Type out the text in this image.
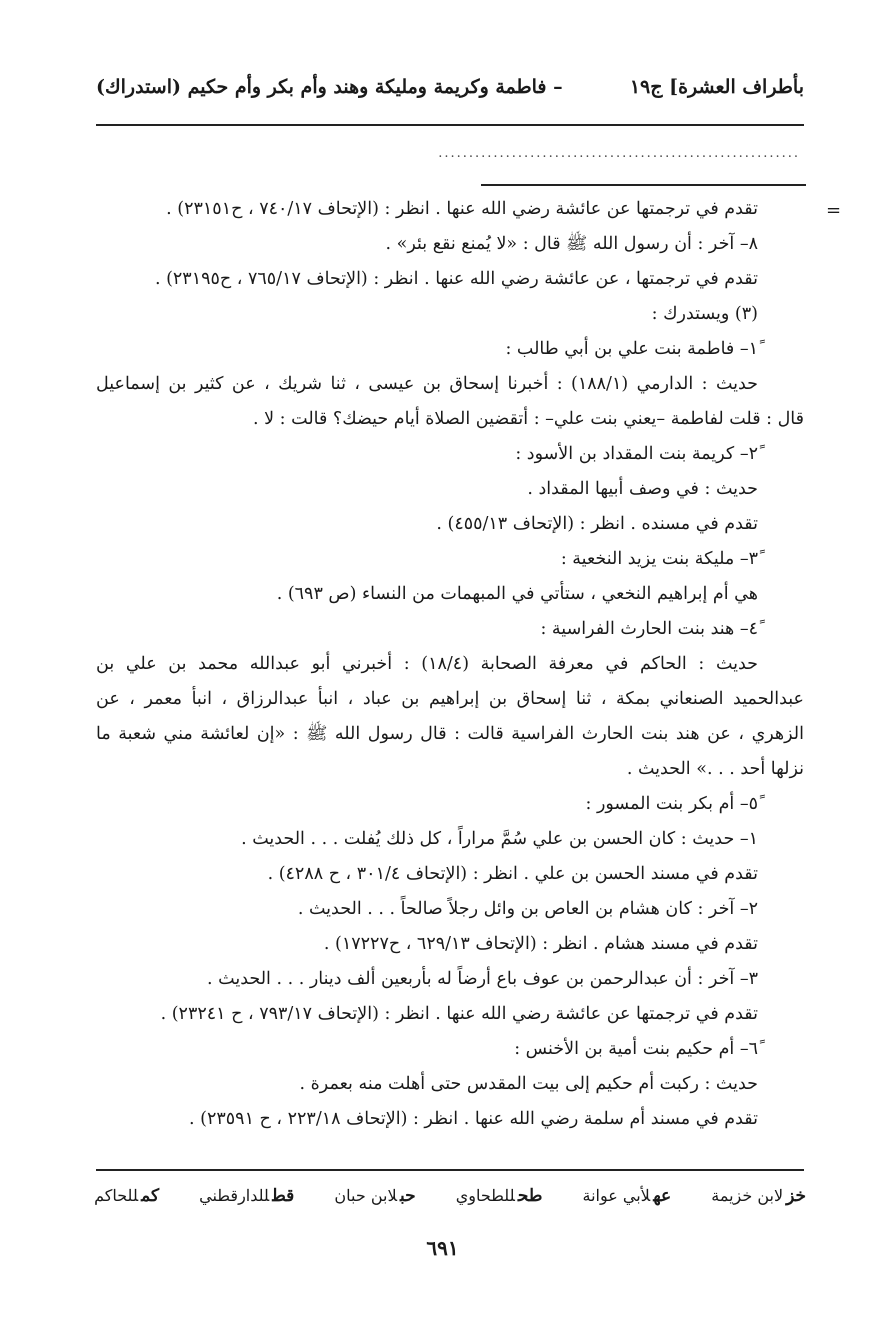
بأطراف العشرة] ج١٩
– فاطمة وكريمة ومليكة وهند وأم بكر وأم حكيم (استدراك)
...........................................................
=
تقدم في ترجمتها عن عائشة رضي الله عنها . انظر : (الإتحاف ٧٤٠/١٧ ، ح٢٣١٥١) .
٨– آخر : أن رسول الله ﷺ قال : «لا يُمنع نقع بئر» .
تقدم في ترجمتها ، عن عائشة رضي الله عنها . انظر : (الإتحاف ٧٦٥/١٧ ، ح٢٣١٩٥) .
(٣) ويستدرك :
١ً– فاطمة بنت علي بن أبي طالب :
حديث : الدارمي (١٨٨/١) : أخبرنا إسحاق بن عيسى ، ثنا شريك ، عن كثير بن إسماعيل
قال : قلت لفاطمة –يعني بنت علي– : أتقضين الصلاة أيام حيضك؟ قالت : لا .
٢ً– كريمة بنت المقداد بن الأسود :
حديث : في وصف أبيها المقداد .
تقدم في مسنده . انظر : (الإتحاف ٤٥٥/١٣) .
٣ً– مليكة بنت يزيد النخعية :
هي أم إبراهيم النخعي ، ستأتي في المبهمات من النساء (ص ٦٩٣) .
٤ً– هند بنت الحارث الفراسية :
حديث : الحاكم في معرفة الصحابة (١٨/٤) : أخبرني أبو عبدالله محمد بن علي بن
عبدالحميد الصنعاني بمكة ، ثنا إسحاق بن إبراهيم بن عباد ، انبأ عبدالرزاق ، انبأ معمر ، عن
الزهري ، عن هند بنت الحارث الفراسية قالت : قال رسول الله ﷺ : «إن لعائشة مني شعبة ما
نزلها أحد . . .» الحديث .
٥ً– أم بكر بنت المسور :
١– حديث : كان الحسن بن علي سُمَّ مراراً ، كل ذلك يُفلت . . . الحديث .
تقدم في مسند الحسن بن علي . انظر : (الإتحاف ٣٠١/٤ ، ح ٤٢٨٨) .
٢– آخر : كان هشام بن العاص بن وائل رجلاً صالحاً . . . الحديث .
تقدم في مسند هشام . انظر : (الإتحاف ٦٢٩/١٣ ، ح١٧٢٢٧) .
٣– آخر : أن عبدالرحمن بن عوف باع أرضاً له بأربعين ألف دينار . . . الحديث .
تقدم في ترجمتها عن عائشة رضي الله عنها . انظر : (الإتحاف ٧٩٣/١٧ ، ح ٢٣٢٤١) .
٦ً– أم حكيم بنت أمية بن الأخنس :
حديث : ركبت أم حكيم إلى بيت المقدس حتى أهلت منه بعمرة .
تقدم في مسند أم سلمة رضي الله عنها . انظر : (الإتحاف ٢٢٣/١٨ ، ح ٢٣٥٩١) .
خزلابن خزيمة
عهلأبي عوانة
طحللطحاوي
حبلابن حبان
قطللدارقطني
كمللحاكم
٦٩١
